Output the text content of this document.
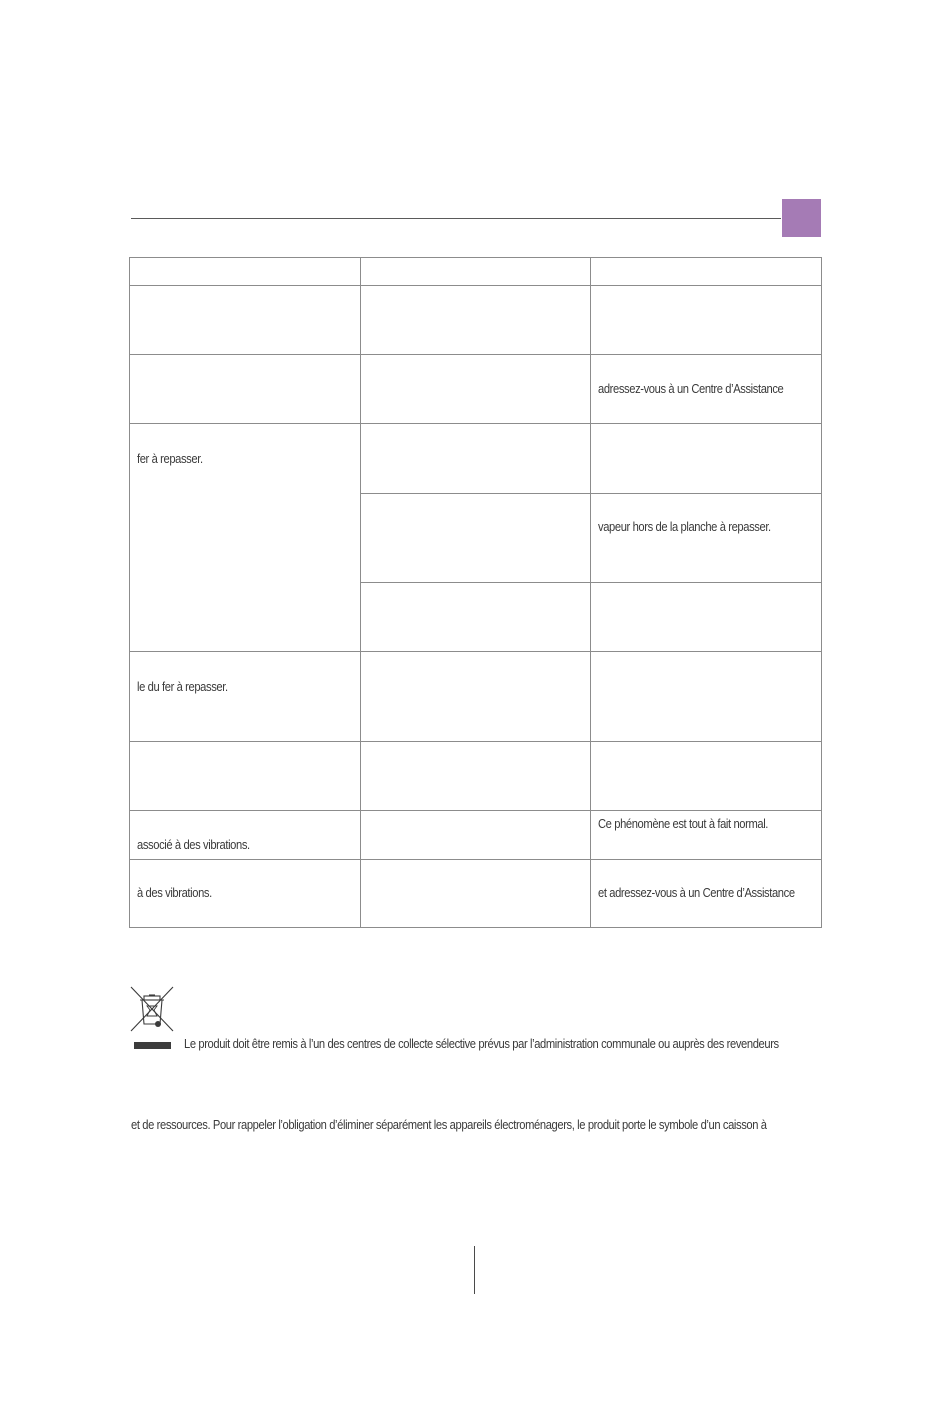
adressez-vous à un Centre d’Assistance
fer à repasser.
vapeur hors de la planche à repasser.
le du fer à repasser.
Ce phénomène est tout à fait normal.
associé à des vibrations.
à des vibrations.	et adressez-vous à un Centre d’Assistance
Le produit doit être remis à l’un des centres de collecte sélective prévus par l’administration communale ou auprès des revendeurs
et de ressources. Pour rappeler l’obligation d’éliminer séparément les appareils électroménagers, le produit porte le symbole d’un caisson à
